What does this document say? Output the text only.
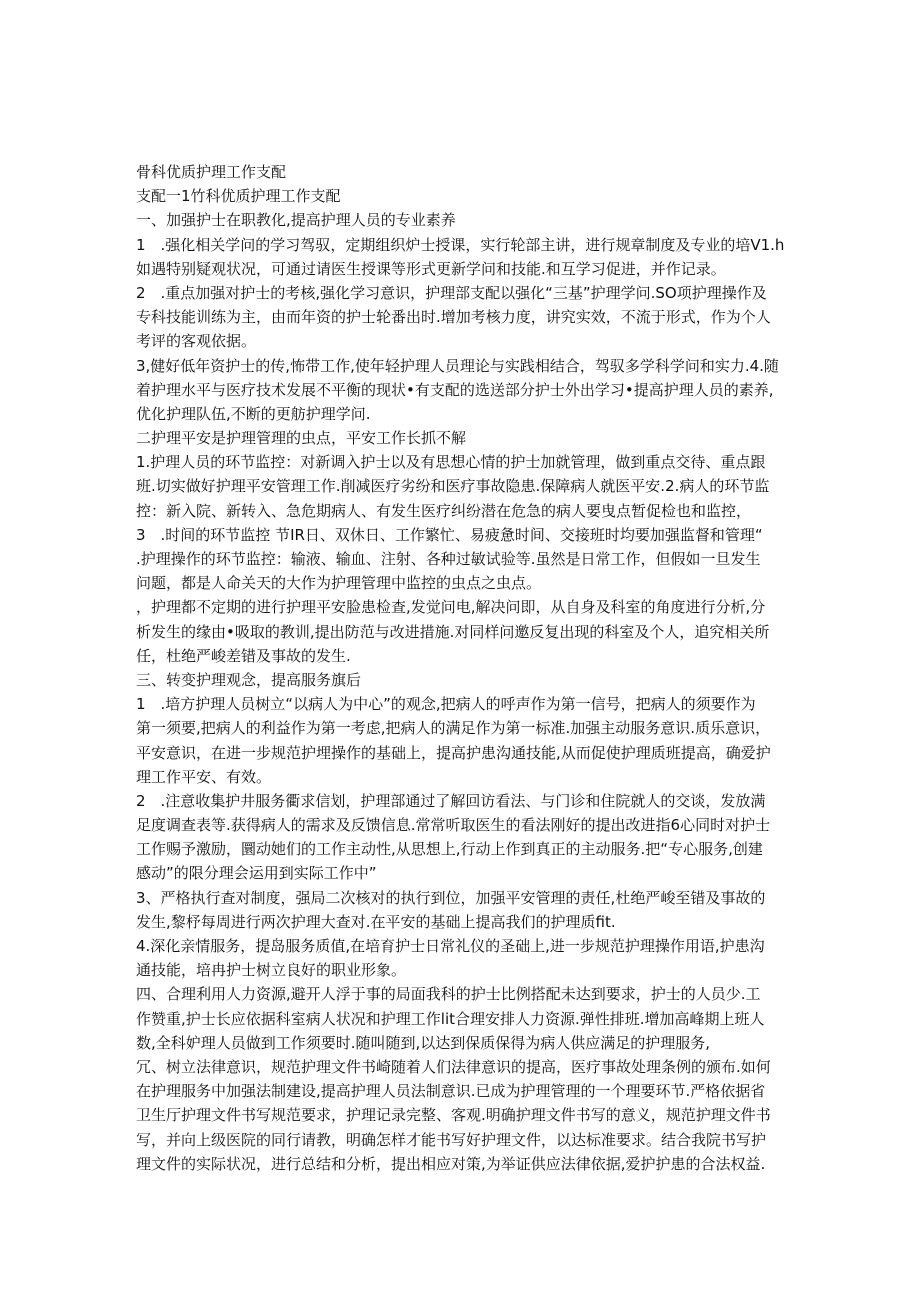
骨科优质护理工作支配
支配一1竹科优质护理工作支配
一、加强护士在职教化,提高护理人员的专业素养
1　.强化相关学问的学习驾驭，定期组织炉士授课，实行轮部主讲，进行规章制度及专业的培V1.h
如遇特别疑观状况，可通过请医生授课等形式更新学问和技能.和互学习促进，并作记录。
2　.重点加强对护士的考核,强化学习意识，护理部支配以强化“三基”护理学问.SO项护理操作及
专科技能训练为主，由而年资的护士轮番出时.增加考核力度，讲究实效，不流于形式，作为个人
考评的客观依据。
3,健好低年资护士的传,怖带工作,使年轻护理人员理论与实践相结合，驾驭多学科学问和实力.4.随
着护理水平与医疗技术发展不平衡的现状•有支配的选送部分护士外出学习•提高护理人员的素养,
优化护理队伍,不断的更舫护理学问.
二护理平安是护理管理的虫点，平安工作长抓不解
1.护理人员的环节监控：对新调入护士以及有思想心情的护士加就管理，做到重点交待、重点跟
班.切实做好护理平安管理工作.削减医疗劣纷和医疗事故隐患.保障病人就医平安.2.病人的环节监
控：新入院、新转入、急危期病人、有发生医疗纠纷潜在危急的病人要曳点暂促检也和监控，
3　.时间的环节监控 节IR日、双休日、工作繁忙、易疲惫时间、交接班时均要加强监督和管理“
.护理操作的环节监控：输液、输血、注射、各种过敏试验等.虽然是日常工作，但假如一旦发生
问题，都是人命关天的大作为护理管理中监控的虫点之虫点。
，护理都不定期的进行护理平安脸患检查,发觉问电,解决问即，从自身及科室的角度进行分析,分
析发生的缘由•吸取的教训,提出防范与改进措施.对同样问邀反复出现的科室及个人，追究相关所
任，杜绝严峻差错及事故的发生.
三、转变护理观念，提高服务旗后
1　.培方护理人员树立“以病人为中心”的观念,把病人的呼声作为第一信号，把病人的须要作为
第一须要,把病人的利益作为第一考虑,把病人的满足作为第一标准.加强主动服务意识.质乐意识，
平安意识，在进一步规范护埋操作的基础上，提高护患沟通技能,从而促使护理质班提高，确爱护
理工作平安、有效。
2　.注意收集护井服务衢求信划，护理部通过了解回访看法、与门诊和住院就人的交谈，发放满
足度调查表等.获得病人的需求及反馈信息.常常听取医生的看法刚好的提出改进指6心同时对护士
工作赐予激励，圜动她们的工作主动性,从思想上,行动上作到真正的主动服务.把“专心服务,创建
感动”的限分理会运用到实际工作中”
3、严格执行查对制度，强局二次核对的执行到位，加强平安管理的责任,杜绝严峻至错及事故的
发生,黎杼每周进行两次护理大查对.在平安的基础上提高我们的护理质fit.
4.深化亲情服务，提岛服务质值,在培育护士日常礼仪的圣础上,进一步规范护理操作用语,护患沟
通技能，培冉护士树立良好的职业形象。
四、合理利用人力资源,避开人浮于事的局面我科的护士比例搭配未达到要求，护士的人员少.工
作赞重,护士长应依据科室病人状况和护理工作lit合理安排人力资源.弹性排班.增加高峰期上班人
数,全科妒理人员做到工作须要时.随叫随到,以达到保质保得为病人供应满足的护理服务,
冗、树立法律意识，规范护理文件书崎随着人们法律意识的提高，医疗事故处理条例的颁布.如何
在护理服务中加强法制建设,提高护理人员法制意识.已成为护理管理的一个理要环节.严格依据省
卫生厅护理文件书写规范要求，护理记录完整、客观.明确护理文件书写的意义，规范护理文件书
写，并向上级医院的同行请教，明确怎样才能书写好护理文件，以达标准要求。结合我院书写护
理文件的实际状况，进行总结和分析，提出相应对策,为举证供应法律依据,爱护护患的合法权益.
